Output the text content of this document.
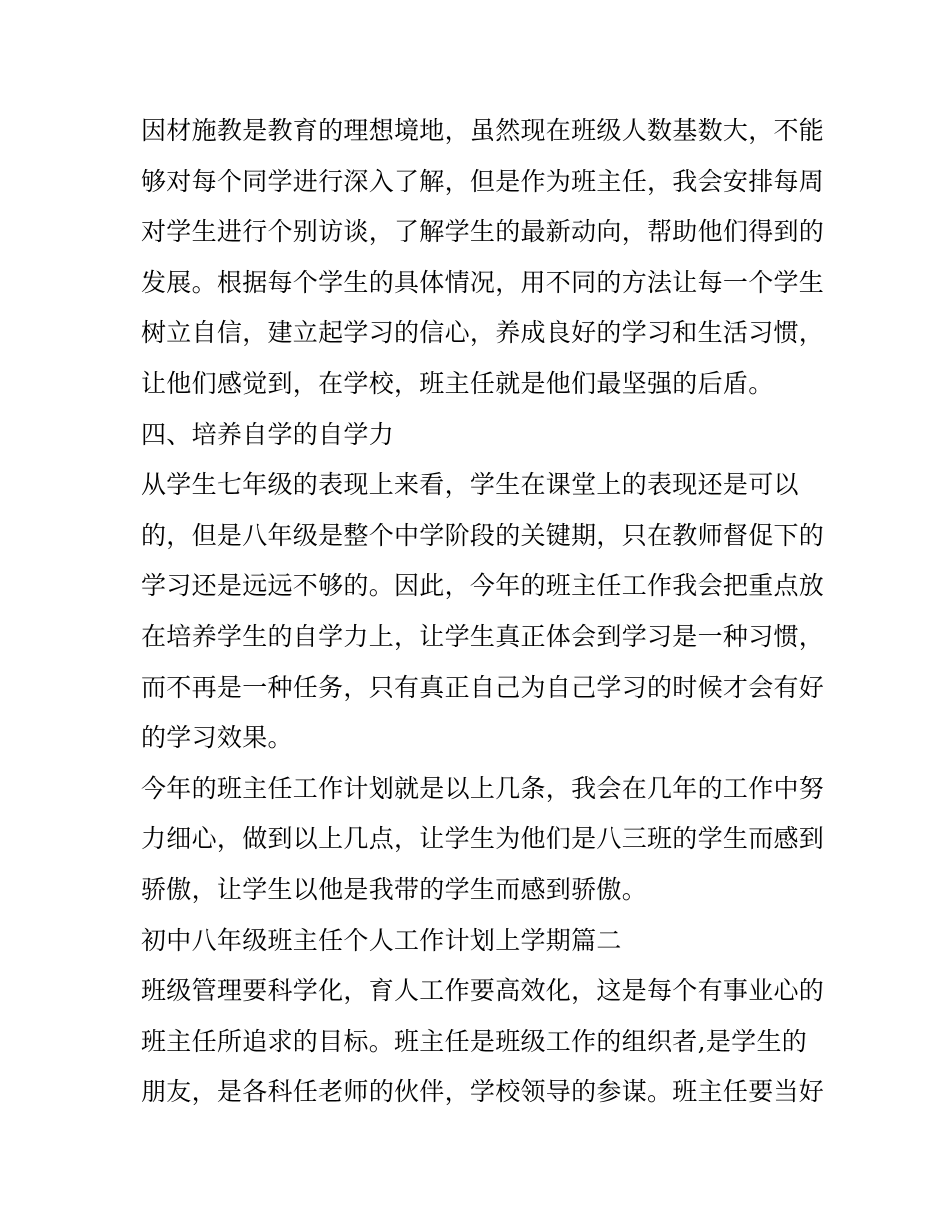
因材施教是教育的理想境地，虽然现在班级人数基数大，不能
够对每个同学进行深入了解，但是作为班主任，我会安排每周
对学生进行个别访谈，了解学生的最新动向，帮助他们得到的
发展。根据每个学生的具体情况，用不同的方法让每一个学生
树立自信，建立起学习的信心，养成良好的学习和生活习惯，
让他们感觉到，在学校，班主任就是他们最坚强的后盾。
四、培养自学的自学力
从学生七年级的表现上来看，学生在课堂上的表现还是可以
的，但是八年级是整个中学阶段的关键期，只在教师督促下的
学习还是远远不够的。因此，今年的班主任工作我会把重点放
在培养学生的自学力上，让学生真正体会到学习是一种习惯，
而不再是一种任务，只有真正自己为自己学习的时候才会有好
的学习效果。
今年的班主任工作计划就是以上几条，我会在几年的工作中努
力细心，做到以上几点，让学生为他们是八三班的学生而感到
骄傲，让学生以他是我带的学生而感到骄傲。
初中八年级班主任个人工作计划上学期篇二
班级管理要科学化，育人工作要高效化，这是每个有事业心的
班主任所追求的目标。班主任是班级工作的组织者,是学生的
朋友，是各科任老师的伙伴，学校领导的参谋。班主任要当好
